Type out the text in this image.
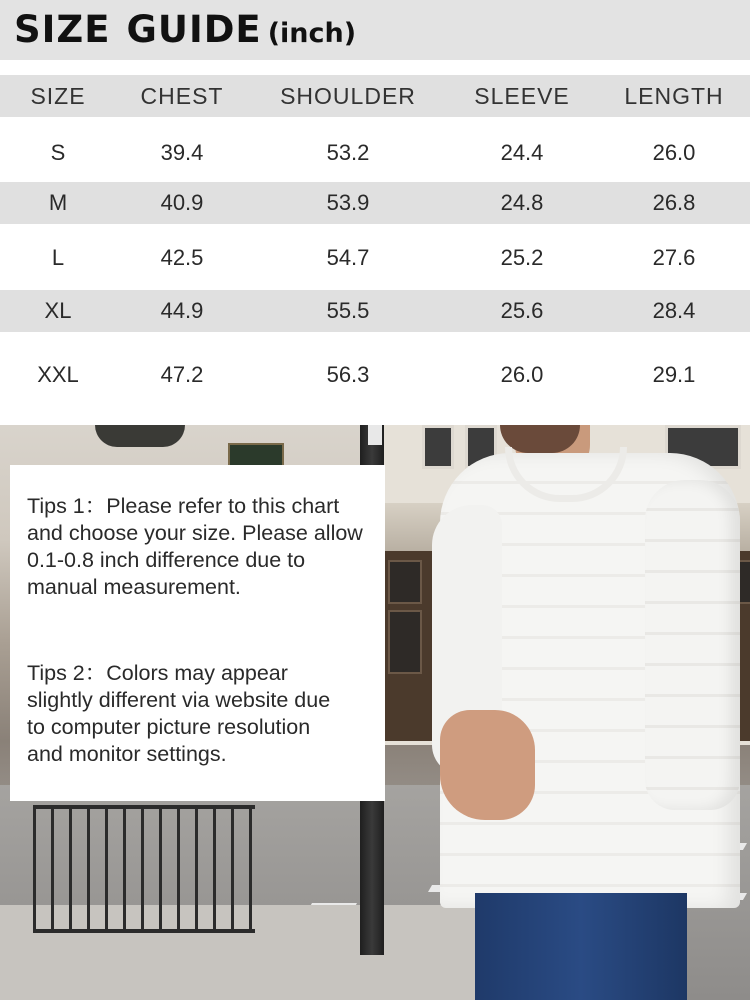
SIZE GUIDE (inch)
SIZE CHEST SHOULDER	SLEEVE LENGTH
S	39.4	53.2	24.4	26.0
M	40.9	53.9	24.8	26.8
L	42.5	54.7	25.2	27.6
XL	44.9	55.5	25.6	28.4
XXL	47.2	56.3	26.0	29.1
Tips 1：Please refer to this chart
and choose your size. Please allow
0.1-0.8 inch difference due to
manual measurement.
Tips 2：Colors may appear
slightly different via website due
to computer picture resolution
and monitor settings.
